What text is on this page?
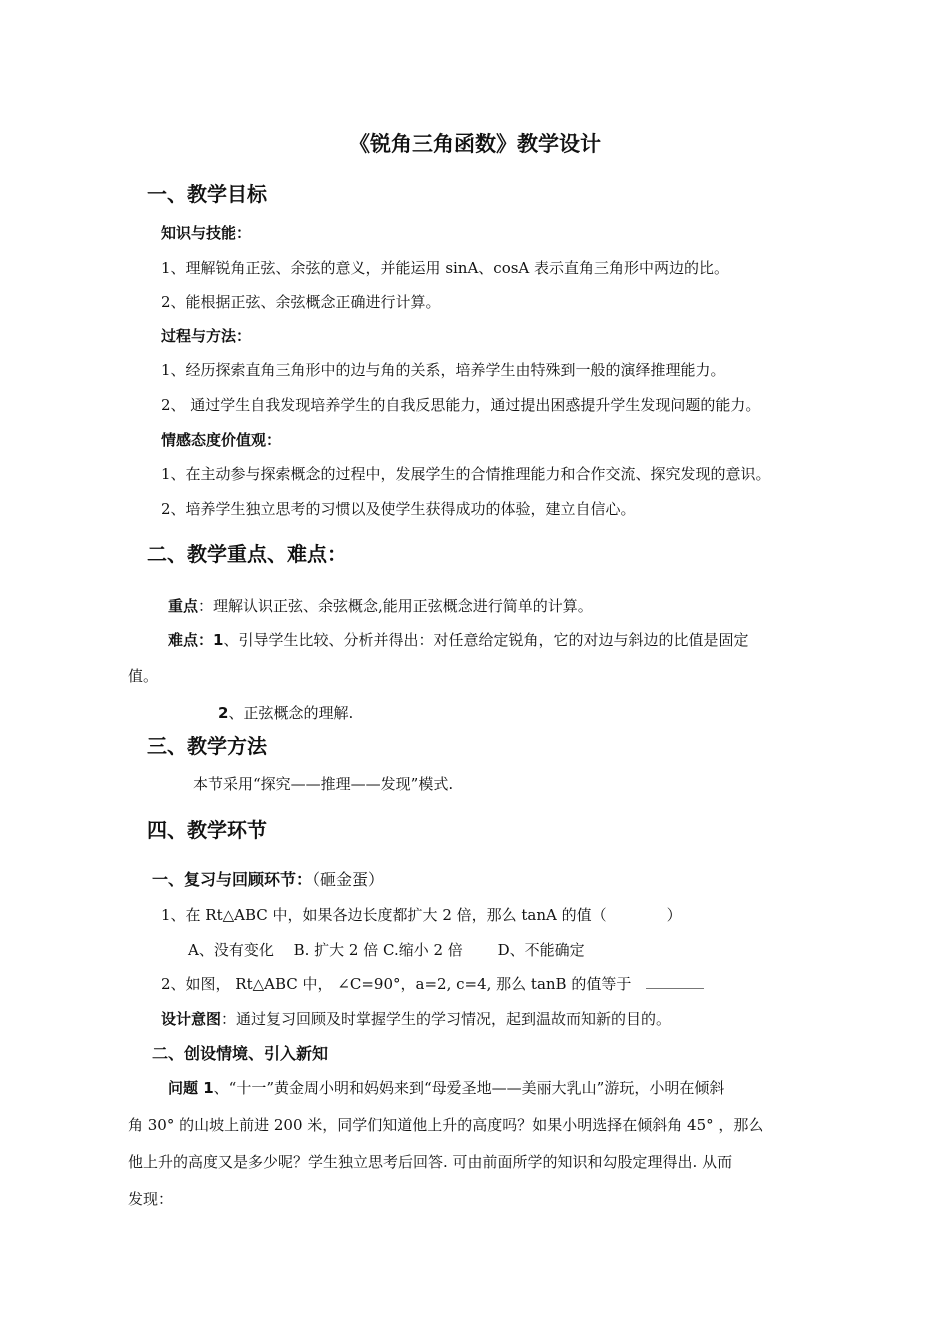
《锐角三角函数》教学设计
一、教学目标
知识与技能：
1、理解锐角正弦、余弦的意义，并能运用 sinA、cosA 表示直角三角形中两边的比。
2、能根据正弦、余弦概念正确进行计算。
过程与方法：
1、经历探索直角三角形中的边与角的关系，培养学生由特殊到一般的演绎推理能力。
2、 通过学生自我发现培养学生的自我反思能力，通过提出困惑提升学生发现问题的能力。
情感态度价值观：
1、在主动参与探索概念的过程中，发展学生的合情推理能力和合作交流、探究发现的意识。
2、培养学生独立思考的习惯以及使学生获得成功的体验，建立自信心。
二、教学重点、难点：
重点：理解认识正弦、余弦概念,能用正弦概念进行简单的计算。
难点：1、引导学生比较、分析并得出：对任意给定锐角，它的对边与斜边的比值是固定
值。
2、正弦概念的理解.
三、教学方法
本节采用“探究——推理——发现”模式.
四、教学环节
一、复习与回顾环节：（砸金蛋）
1、在 Rt△ABC 中，如果各边长度都扩大 2 倍，那么 tanA 的值（　　　　）
A、没有变化　 B. 扩大 2 倍 C.缩小 2 倍　　 D、不能确定
2、如图， Rt△ABC 中， ∠C=90°，a=2, c=4, 那么 tanB 的值等于　
设计意图：通过复习回顾及时掌握学生的学习情况，起到温故而知新的目的。
二、创设情境、引入新知
问题 1、“十一”黄金周小明和妈妈来到“母爱圣地——美丽大乳山”游玩，小明在倾斜
角 30° 的山坡上前进 200 米，同学们知道他上升的高度吗？如果小明选择在倾斜角 45° ，那么
他上升的高度又是多少呢？学生独立思考后回答. 可由前面所学的知识和勾股定理得出. 从而
发现：
